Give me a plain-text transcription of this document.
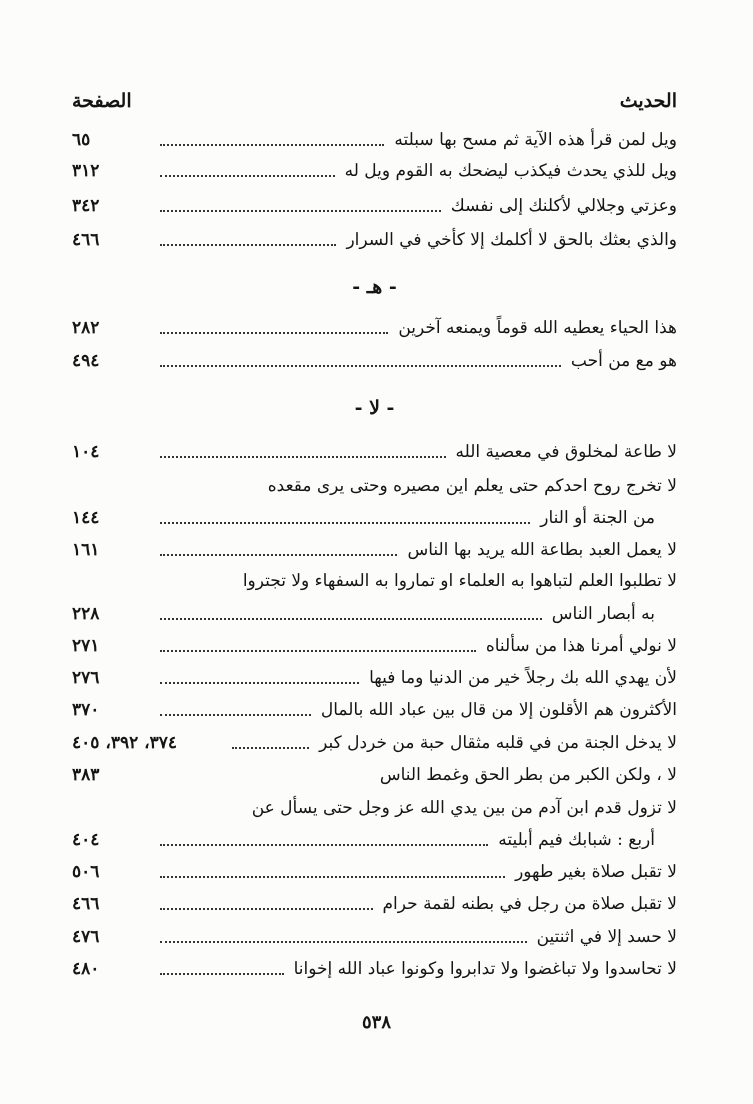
الحديث
الصفحة
ويل لمن قرأ هذه الآية ثم مسح بها سبلته
٦٥
ويل للذي يحدث فيكذب ليضحك به القوم ويل له
٣١٢
وعزتي وجلالي لأكلنك إلى نفسك
٣٤٢
والذي بعثك بالحق لا أكلمك إلا كأخي في السرار
٤٦٦
- هـ -
هذا الحياء يعطيه الله قوماً ويمنعه آخرين
٢٨٢
هو مع من أحب
٤٩٤
- لا -
لا طاعة لمخلوق في معصية الله
١٠٤
لا تخرج روح احدكم حتى يعلم اين مصيره وحتى يرى مقعده
من الجنة أو النار
١٤٤
لا يعمل العبد بطاعة الله يريد بها الناس
١٦١
لا تطلبوا العلم لتباهوا به العلماء او تماروا به السفهاء ولا تجتروا
به أبصار الناس
٢٢٨
لا نولي أمرنا هذا من سألناه
٢٧١
لأن يهدي الله بك رجلاً خير من الدنيا وما فيها
٢٧٦
الأكثرون هم الأقلون إلا من قال بين عباد الله بالمال
٣٧٠
لا يدخل الجنة من في قلبه مثقال حبة من خردل كبر
٣٧٤، ٣٩٢، ٤٠٥
لا ، ولكن الكبر من بطر الحق وغمط الناس
٣٨٣
لا تزول قدم ابن آدم من بين يدي الله عز وجل حتى يسأل عن
أربع : شبابك فيم أبليته
٤٠٤
لا تقبل صلاة بغير طهور
٥٠٦
لا تقبل صلاة من رجل في بطنه لقمة حرام
٤٦٦
لا حسد إلا في اثنتين
٤٧٦
لا تحاسدوا ولا تباغضوا ولا تدابروا وكونوا عباد الله إخوانا
٤٨٠
٥٣٨
